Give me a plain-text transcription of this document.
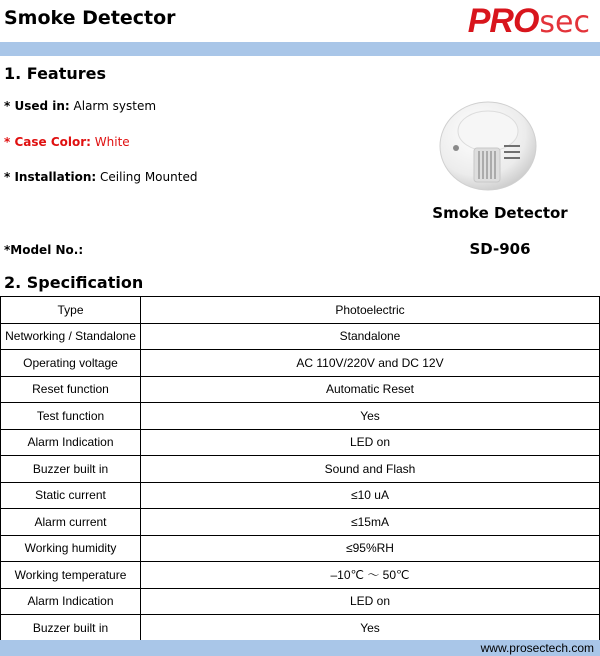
Smoke Detector	PROsec
1. Features
* Used in: Alarm system
* Case Color: White
* Installation: Ceiling Mounted
Smoke Detector
*Model No.:	SD-906
2. Specification
Type	Photoelectric
Networking / Standalone	Standalone
Operating voltage	AC 110V/220V and DC 12V
Reset function	Automatic Reset
Test function	Yes
Alarm Indication	LED on
Buzzer built in	Sound and Flash
Static current	≤10 uA
Alarm current	≤15mA
Working humidity	≤95%RH
Working temperature	–10℃ ～ 50℃
Alarm Indication	LED on
Buzzer built in	Yes
www.prosectech.com
